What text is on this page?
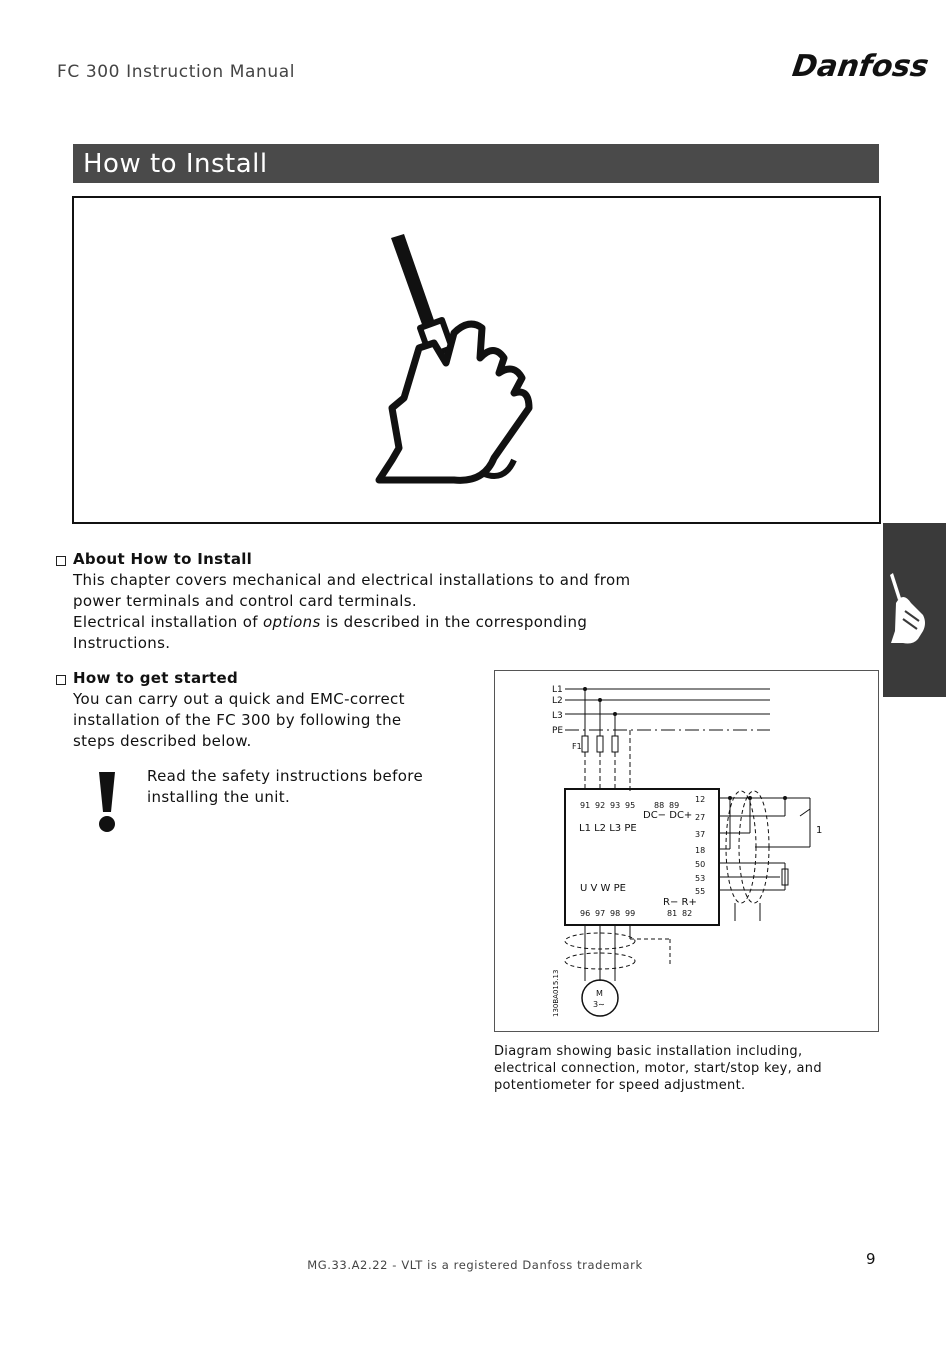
FC 300 Instruction Manual	Danfoss
How to Install
About How to Install
This chapter covers mechanical and electrical installations to and from power terminals and control card terminals.
Electrical installation of options is described in the corresponding Instructions.
How to get started
You can carry out a quick and EMC-correct installation of the FC 300 by following the steps described below.
Read the safety instructions before installing the unit.
L1
L2
L3
PE
F1
91 92 93 95 88 89
DC− DC+
L1 L2 L3 PE
12
27
37
18
50
53
55
U V W PE
96 97 98 99
R− R+
81 82
1
M
3∼
130BA015.13
Diagram showing basic installation including, electrical connection, motor, start/stop key, and potentiometer for speed adjustment.
MG.33.A2.22 - VLT is a registered Danfoss trademark	9
